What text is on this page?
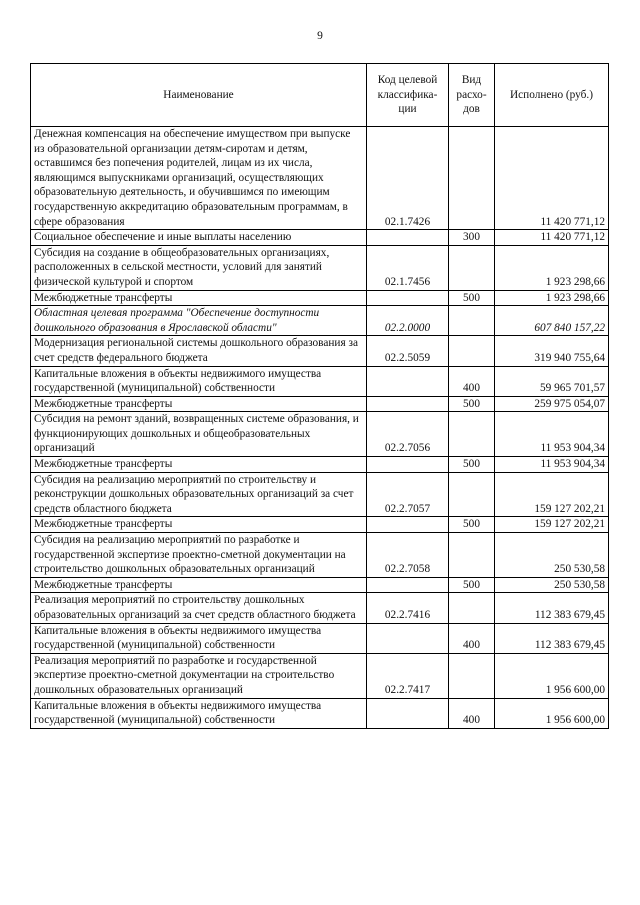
9
Наименование	Код целевой классифика-ции	Вид расхо-дов	Исполнено (руб.)
Денежная компенсация на обеспечение имуществом при выпуске из образовательной организации детям-сиротам и детям, оставшимся без попечения родителей, лицам из их числа, являющимся выпускниками организаций, осуществляющих образовательную деятельность, и обучившимся по имеющим государственную аккредитацию образовательным программам, в сфере образования	02.1.7426		11 420 771,12
Социальное обеспечение и иные выплаты населению		300	11 420 771,12
Субсидия на создание в общеобразовательных организациях, расположенных в сельской местности, условий для занятий физической культурой и спортом	02.1.7456		1 923 298,66
Межбюджетные трансферты		500	1 923 298,66
Областная целевая программа "Обеспечение доступности дошкольного образования в Ярославской области"	02.2.0000		607 840 157,22
Модернизация региональной системы дошкольного образования за счет средств федерального бюджета	02.2.5059		319 940 755,64
Капитальные вложения в объекты недвижимого имущества государственной (муниципальной) собственности		400	59 965 701,57
Межбюджетные трансферты		500	259 975 054,07
Субсидия на ремонт зданий, возвращенных системе образования, и функционирующих дошкольных и общеобразовательных организаций	02.2.7056		11 953 904,34
Межбюджетные трансферты		500	11 953 904,34
Субсидия на реализацию мероприятий по строительству и реконструкции дошкольных образовательных организаций за счет средств областного бюджета	02.2.7057		159 127 202,21
Межбюджетные трансферты		500	159 127 202,21
Субсидия на реализацию мероприятий по разработке и государственной экспертизе проектно-сметной документации на строительство дошкольных образовательных организаций	02.2.7058		250 530,58
Межбюджетные трансферты		500	250 530,58
Реализация мероприятий по строительству дошкольных образовательных организаций за счет средств областного бюджета	02.2.7416		112 383 679,45
Капитальные вложения в объекты недвижимого имущества государственной (муниципальной) собственности		400	112 383 679,45
Реализация мероприятий по разработке и государственной экспертизе проектно-сметной документации на строительство дошкольных образовательных организаций	02.2.7417		1 956 600,00
Капитальные вложения в объекты недвижимого имущества государственной (муниципальной) собственности		400	1 956 600,00
